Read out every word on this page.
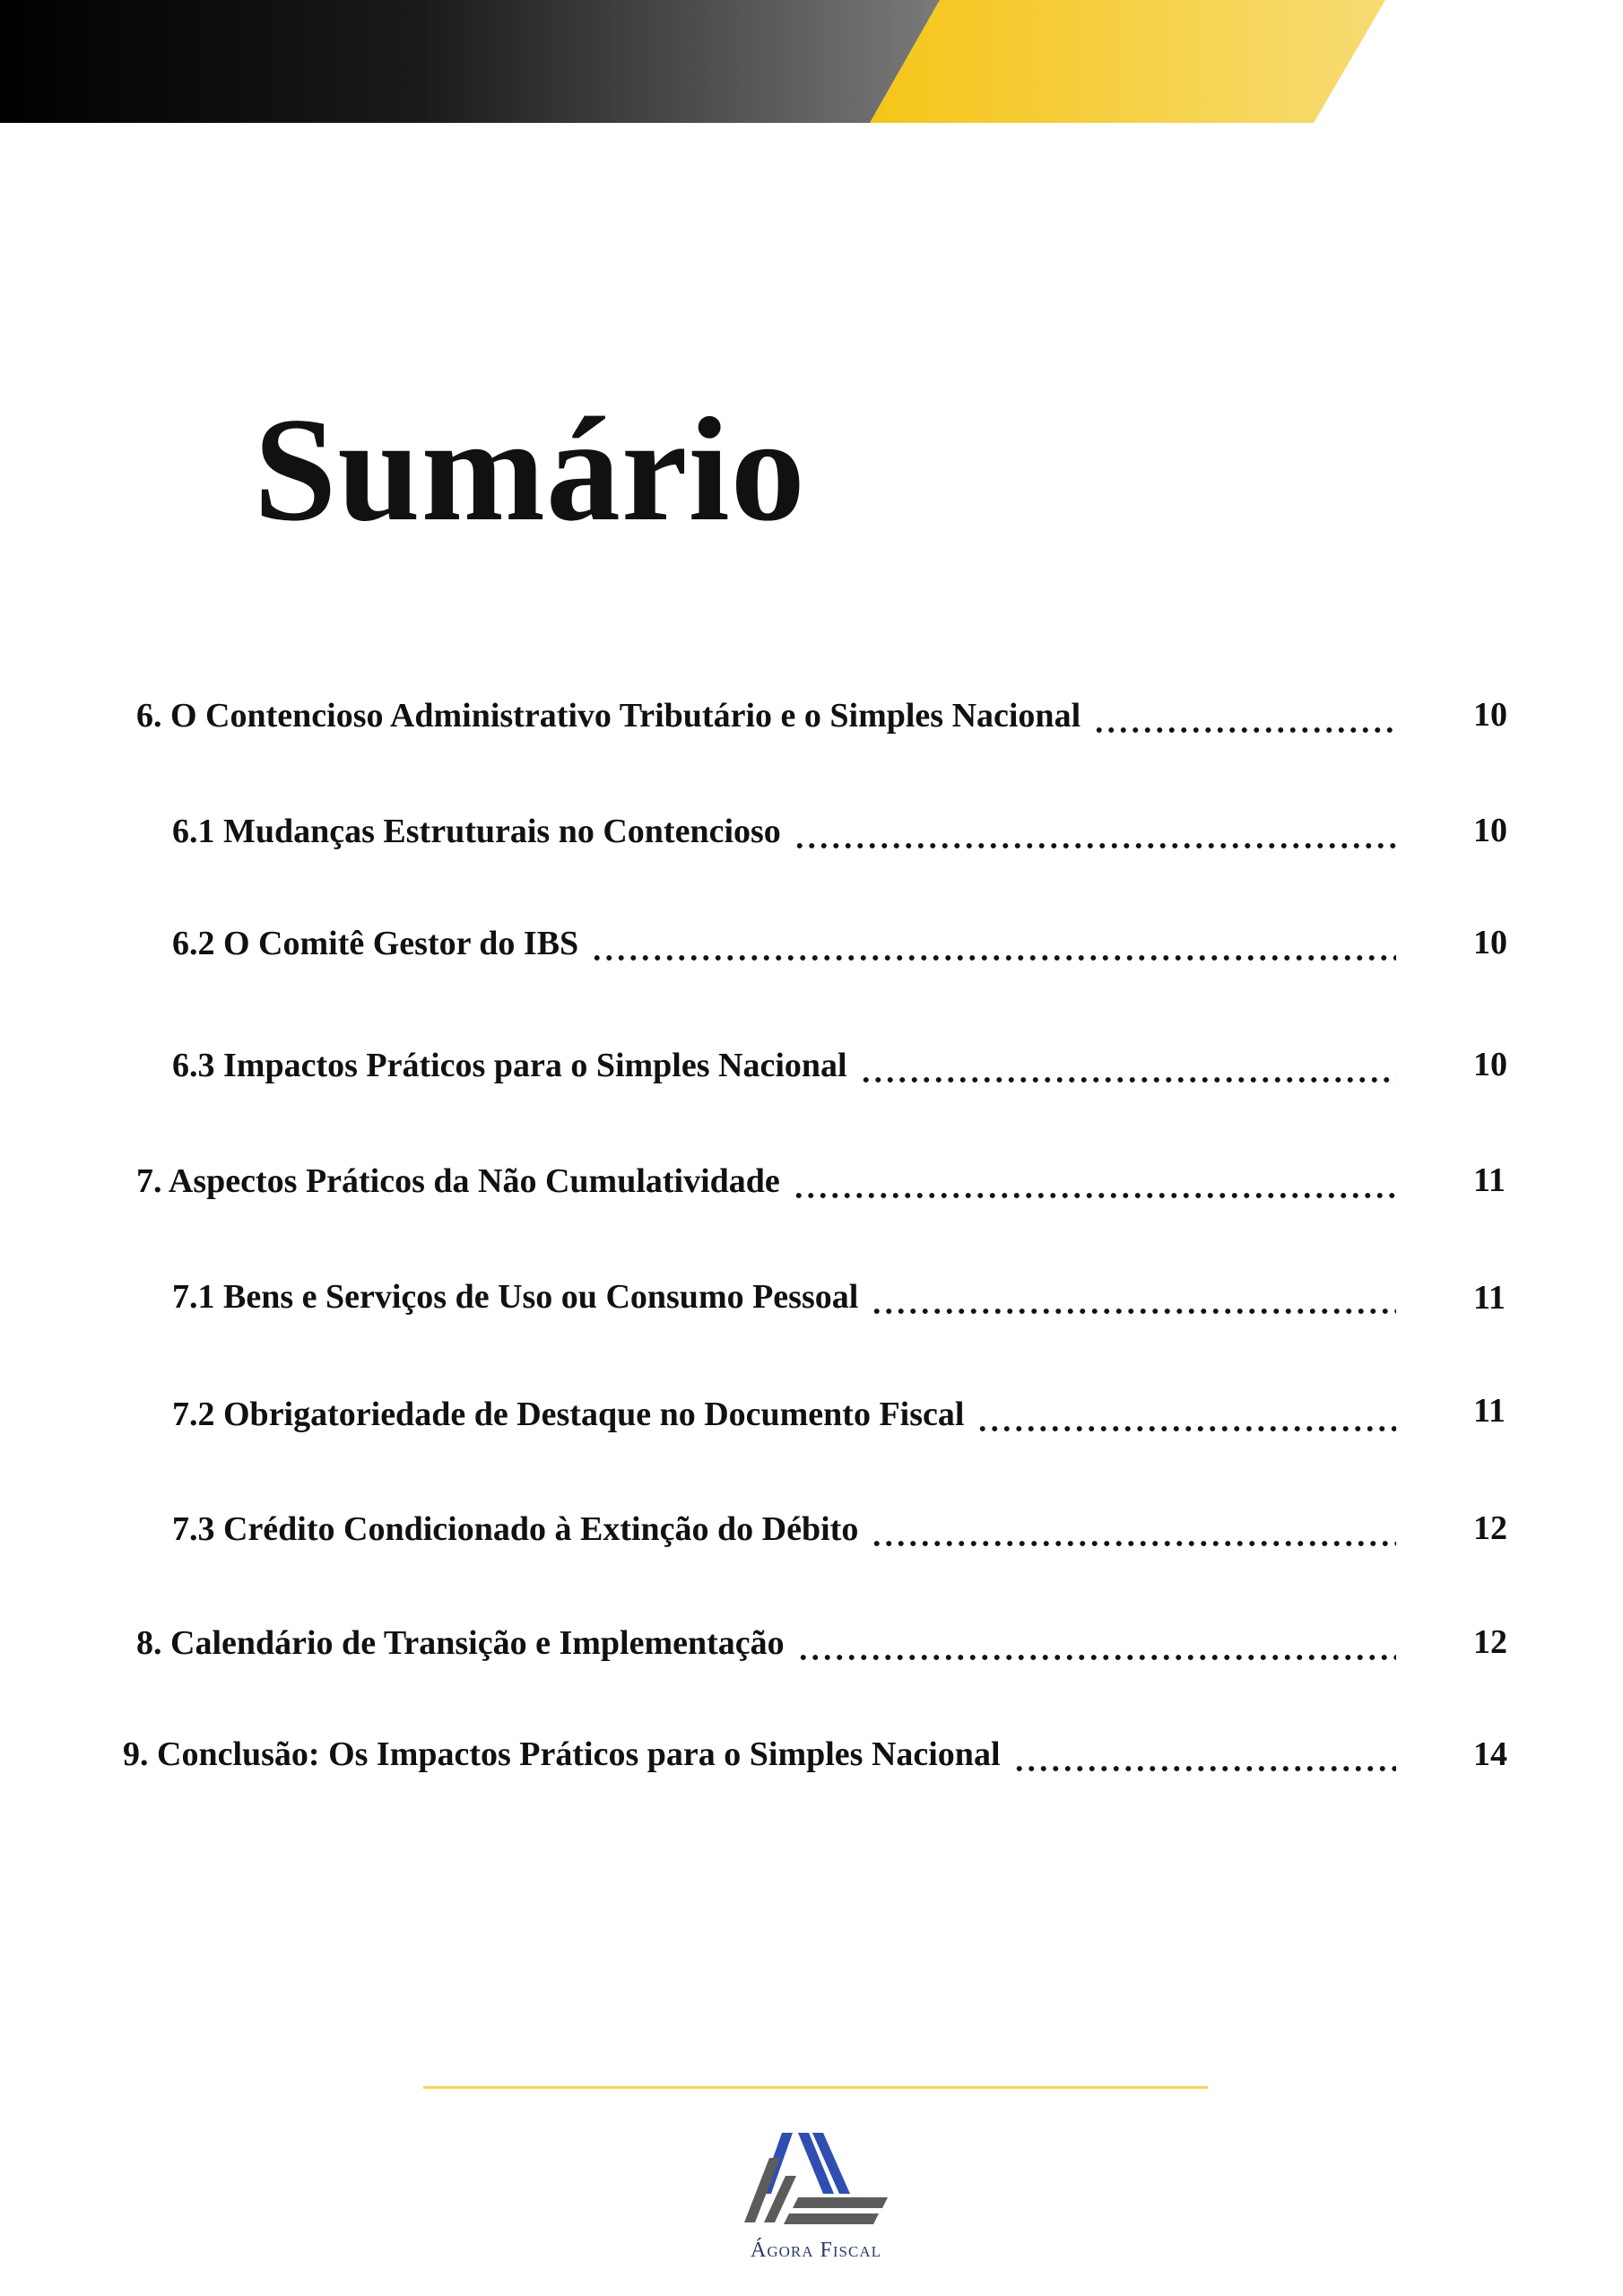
Sumário
6. O Contencioso Administrativo Tributário e o Simples Nacional	10
6.1 Mudanças Estruturais no Contencioso	10
6.2 O Comitê Gestor do IBS	10
6.3 Impactos Práticos para o Simples Nacional	10
7. Aspectos Práticos da Não Cumulatividade	11
7.1 Bens e Serviços de Uso ou Consumo Pessoal	11
7.2 Obrigatoriedade de Destaque no Documento Fiscal	11
7.3 Crédito Condicionado à Extinção do Débito	12
8. Calendário de Transição e Implementação	12
9. Conclusão: Os Impactos Práticos para o Simples Nacional	14
Ágora Fiscal
